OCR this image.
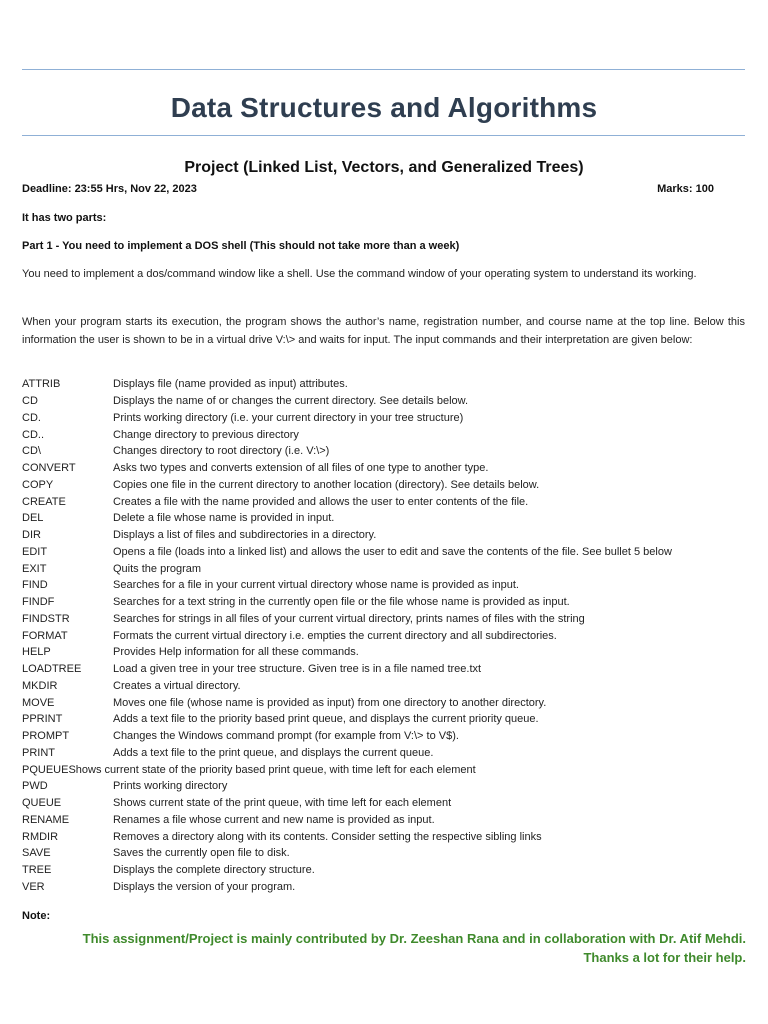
Data Structures and Algorithms
Project (Linked List, Vectors, and Generalized Trees)
Deadline: 23:55 Hrs, Nov 22, 2023	Marks: 100
It has two parts:
Part 1 - You need to implement a DOS shell (This should not take more than a week)
You need to implement a dos/command window like a shell. Use the command window of your operating system to understand its working.
When your program starts its execution, the program shows the author’s name, registration number, and course name at the top line. Below this information the user is shown to be in a virtual drive V:\> and waits for input. The input commands and their interpretation are given below:
ATTRIB	Displays file (name provided as input) attributes.
CD	Displays the name of or changes the current directory. See details below.
CD.	Prints working directory (i.e. your current directory in your tree structure)
CD..	Change directory to previous directory
CD\	Changes directory to root directory (i.e. V:\>)
CONVERT	Asks two types and converts extension of all files of one type to another type.
COPY	Copies one file in the current directory to another location (directory). See details below.
CREATE	Creates a file with the name provided and allows the user to enter contents of the file.
DEL	Delete a file whose name is provided in input.
DIR	Displays a list of files and subdirectories in a directory.
EDIT	Opens a file (loads into a linked list) and allows the user to edit and save the contents of the file. See bullet 5 below
EXIT	Quits the program
FIND	Searches for a file in your current virtual directory whose name is provided as input.
FINDF	Searches for a text string in the currently open file or the file whose name is provided as input.
FINDSTR	Searches for strings in all files of your current virtual directory, prints names of files with the string
FORMAT	Formats the current virtual directory i.e. empties the current directory and all subdirectories.
HELP	Provides Help information for all these commands.
LOADTREE	Load a given tree in your tree structure. Given tree is in a file named tree.txt
MKDIR	Creates a virtual directory.
MOVE	Moves one file (whose name is provided as input) from one directory to another directory.
PPRINT	Adds a text file to the priority based print queue, and displays the current priority queue.
PROMPT	Changes the Windows command prompt (for example from V:\> to V$).
PRINT	Adds a text file to the print queue, and displays the current queue.
PQUEUE Shows current state of the priority based print queue, with time left for each element
PWD	Prints working directory
QUEUE	Shows current state of the print queue, with time left for each element
RENAME	Renames a file whose current and new name is provided as input.
RMDIR	Removes a directory along with its contents. Consider setting the respective sibling links
SAVE	Saves the currently open file to disk.
TREE	Displays the complete directory structure.
VER	Displays the version of your program.
Note:
This assignment/Project is mainly contributed by Dr. Zeeshan Rana and in collaboration with Dr. Atif Mehdi.
Thanks a lot for their help.
